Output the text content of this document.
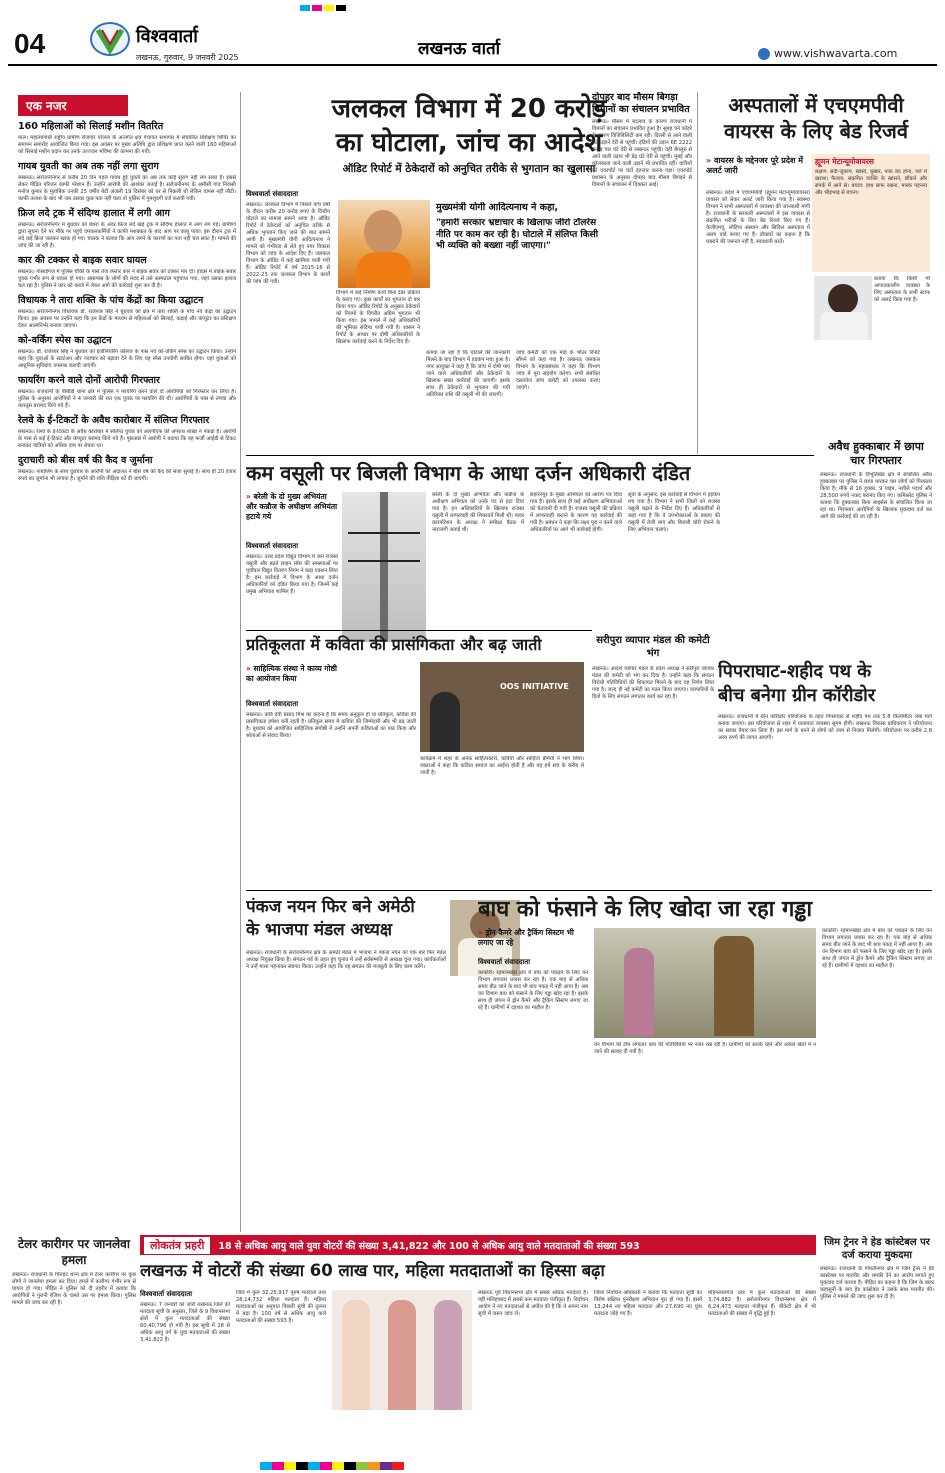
04	विश्ववार्ता
लखनऊ, गुरुवार, 9 जनवरी 2025	लखनऊ वार्ता	www.vishwavarta.com
एक नजर
160 महिलाओं को सिलाई मशीन वितरित
माल। महात्मागांधी राष्ट्रीय ग्रामीण रोजगार योजना के अन्तर्गत क्षेत्र पंचायत सभागार में संचालित प्रशिक्षण शिविर का समापन समारोह आयोजित किया गया। इस अवसर पर मुख्य अतिथि द्वारा प्रशिक्षण प्राप्त करने वाली 160 महिलाओं को सिलाई मशीन प्रदान कर उनके उज्ज्वल भविष्य की कामना की गयी।
गायब युवती का अब तक नहीं लगा सुराग
लखनऊ। सरोजनीनगर से करीब 20 दिन पहले गायब हुई युवती का अब तक कोई सुराग नहीं लग सका है। इससे लेकर पीड़ित परिजन काफी परेशान हैं। उन्होंने आरोपी की आशंका जताई है। सरोजनीनगर के अमौसी गांव निवासी मनोज कुमार के मुताबिक उनकी 25 वर्षीय बेटी अंजली 19 दिसंबर को घर से निकली थी लेकिन वापस नहीं लौटी। काफी तलाश के बाद भी जब उसका कुछ पता नहीं चला तो पुलिस में गुमशुदगी दर्ज करायी गयी।
फ्रिज लदे ट्रक में संदिग्ध हालात में लगी आग
लखनऊ। सरोजनीनगर में बुधवार को बंथरा के अंदर फ्रिज लदे खड़े ट्रक में संदिग्ध हालात में आग लग गई। ग्रामीणों द्वारा सूचना देने पर मौके पर पहुंचे दमकलकर्मियों ने काफी मशक्कत के बाद आग पर काबू पाया। इस दौरान ट्रक में लदे कई फ्रिज जलकर खाक हो गए। चालक ने बताया कि आग लगने के कारणों का पता नहीं चल सका है। मामले की जांच की जा रही है।
कार की टक्कर से बाइक सवार घायल
लखनऊ। गोसाईगंज में पुलिस चौकी के पास तेज रफ्तार कार ने बाइक सवार को टक्कर मार दी। हादसे में बाइक सवार युवक गंभीर रूप से घायल हो गया। आसपास के लोगों की मदद से उसे अस्पताल पहुंचाया गया, जहां उसका इलाज चल रहा है। पुलिस ने कार को कब्जे में लेकर आगे की कार्रवाई शुरू कर दी है।
विधायक ने तारा शक्ति के पांच केंद्रों का किया उद्घाटन
लखनऊ। सरोजनीनगर विधायक डॉ. राजेश्वर सिंह ने बुधवार को क्षेत्र में तारा शक्ति के पांच नये केंद्रों का उद्घाटन किया। इस अवसर पर उन्होंने कहा कि इन केंद्रों के माध्यम से महिलाओं को सिलाई, कढ़ाई और कंप्यूटर का प्रशिक्षण देकर आत्मनिर्भर बनाया जाएगा।
को-वर्किंग स्पेस का उद्घाटन
लखनऊ। डॉ. राजेश्वर सिंह ने बुधवार को इंजीनियरिंग कॉलेज के पास नये को-वर्किंग स्पेस का उद्घाटन किया। उन्होंने कहा कि युवाओं के स्टार्टअप और नवाचार को बढ़ावा देने के लिए यह स्पेस उपयोगी साबित होगा। यहां युवाओं को आधुनिक सुविधाएं उपलब्ध करायी जाएंगी।
फायरिंग करने वाले दोनों आरोपी गिरफ्तार
लखनऊ। राजधानी के बीबीडी थाना क्षेत्र में पुलिस ने फायरिंग करने वाले दो आरोपियों को गिरफ्तार कर लिया है। पुलिस के अनुसार आरोपियों ने 4 जनवरी की रात एक युवक पर फायरिंग की थी। आरोपियों के पास से तमंचा और कारतूस बरामद किये गये हैं।
रेलवे के ई-टिकटों के अवैध कारोबार में संलिप्त गिरफ्तार
लखनऊ। रेलवे के ई-टिकटों के अवैध कारोबार में संलिप्त युवक को आरपीएफ की अपराध शाखा ने पकड़ा है। आरोपी के पास से कई ई-टिकट और कंप्यूटर बरामद किये गये हैं। पूछताछ में आरोपी ने बताया कि वह फर्जी आईडी से टिकट बनाकर यात्रियों को अधिक दाम पर बेचता था।
दुराचारी को बीस वर्ष की कैद व जुर्माना
लखनऊ। नाबालिग के साथ दुराचार के आरोपी को अदालत ने बीस वर्ष की कैद की सजा सुनाई है। साथ ही 20 हजार रुपये का जुर्माना भी लगाया है। जुर्माने की राशि पीड़िता को दी जाएगी।
जलकल विभाग में 20 करोड़
का घोटाला, जांच का आदेश
ऑडिट रिपोर्ट में ठेकेदारों को अनुचित तरीके से भुगतान का खुलासा
विश्ववार्ता संवाददाता
लखनऊ। जलकल विभाग में पिछले पांच वर्षों के दौरान करीब 20 करोड़ रुपए के वित्तीय घोटाले का मामला सामने आया है। ऑडिट रिपोर्ट में ठेकेदारों को अनुचित तरीके से अधिक भुगतान किए जाने की बात सामने आयी है। मुख्यमंत्री योगी आदित्यनाथ ने मामले को गंभीरता से लेते हुए नगर विकास विभाग को जांच के आदेश दिए हैं। जलकल विभाग के ऑडिट में कई खामियां पायी गयी हैं। ऑडिट रिपोर्ट में वर्ष 2015-16 से 2022-23 तक जलकल विभाग के कार्यों की जांच की गयी।
विभाग में कई निर्माण कार्य बिना टेंडर प्रक्रिया के कराए गए। कुछ कार्यों का भुगतान दो बार किया गया। ऑडिट रिपोर्ट के अनुसार ठेकेदारों को नियमों के विपरीत अग्रिम भुगतान भी किया गया। इस मामले में कई अधिकारियों की भूमिका संदिग्ध पायी गयी है। शासन ने रिपोर्ट के आधार पर दोषी अधिकारियों के खिलाफ कार्रवाई करने के निर्देश दिए हैं।
बताया जा रहा है कि घोटाले की जानकारी मिलने के बाद विभाग में हड़कंप मचा हुआ है। नगर आयुक्त ने कहा है कि जांच में दोषी पाए जाने वाले अधिकारियों और ठेकेदारों के खिलाफ सख्त कार्रवाई की जाएगी। इसके साथ ही ठेकेदारों से भुगतान की गयी अतिरिक्त राशि की वसूली भी की जाएगी।
जांच कमेटी को एक माह के भीतर रिपोर्ट सौंपने को कहा गया है। लखनऊ जलकल विभाग के महाप्रबंधक ने कहा कि विभाग जांच में पूरा सहयोग करेगा। सभी संबंधित दस्तावेज जांच कमेटी को उपलब्ध कराए जाएंगे।
मुख्यमंत्री योगी आदित्यनाथ ने कहा,
"हमारी सरकार भ्रष्टाचार के खिलाफ जीरो टॉलरेंस नीति पर काम कर रही है। घोटाले में संलिप्त किसी भी व्यक्ति को बख्शा नहीं जाएगा।"
दोपहर बाद मौसम बिगड़ा विमानों का संचालन प्रभावित
लखनऊ। मौसम में बदलाव के कारण राजधानी में विमानों का संचालन प्रभावित हुआ है। सुबह घने कोहरे के कारण विजिबिलिटी कम रही। दिल्ली से आने वाली कई उड़ानें देरी से पहुंचीं। इंडिगो की उड़ान 6E 2222 करीब चार घंटे देरी से लखनऊ पहुंची। वहीं बेंगलुरु से आने वाली उड़ान भी डेढ़ घंटे देरी से पहुंची। मुंबई और कोलकाता जाने वाली उड़ानें भी प्रभावित रहीं। यात्रियों को एयरपोर्ट पर घंटों इंतजार करना पड़ा। एयरपोर्ट प्रशासन के अनुसार दोपहर बाद मौसम बिगड़ने से विमानों के संचालन में दिक्कत आई।
अस्पतालों में एचएमपीवी
वायरस के लिए बेड रिजर्व
» वायरस के मद्देनजर पूरे प्रदेश में अलर्ट जारी
ह्यूमन मेटान्यूमोवायरस
लक्षण: सर्दी-जुकाम, खांसी, बुखार, नाक बंद होना, गले में खराश। फैलाव: संक्रमित व्यक्ति के खांसने, छींकने और संपर्क में आने से। बचाव: हाथ साफ रखना, मास्क पहनना और भीड़भाड़ से बचना।
लखनऊ। प्रदेश में एचएमपीवी (ह्यूमन मेटान्यूमोवायरस) वायरस को लेकर अलर्ट जारी किया गया है। स्वास्थ्य विभाग ने सभी अस्पतालों में व्यवस्था की जानकारी मांगी है। राजधानी के सरकारी अस्पतालों में इस वायरस से संक्रमित मरीजों के लिए बेड रिजर्व किए गए हैं। केजीएमयू, लोहिया संस्थान और सिविल अस्पताल में अलग वार्ड बनाए गए हैं। डॉक्टरों का कहना है कि घबराने की जरूरत नहीं है, सावधानी बरतें।
बताया कि किसी भी आपातकालीन व्यवस्था के लिए अस्पताल के सभी स्टाफ को अलर्ट किया गया है।
अवैध हुक्काबार में छापा चार गिरफ्तार
लखनऊ। राजधानी के विभूतिखंड क्षेत्र में संचालित अवैध हुक्काबार पर पुलिस ने छापा मारकर चार लोगों को गिरफ्तार किया है। मौके से 16 हुक्का, 9 पाइप, नशीले पदार्थ और 28,500 रुपये नकद बरामद किए गए। कमिश्नरेट पुलिस ने बताया कि हुक्काबार बिना लाइसेंस के संचालित किया जा रहा था। गिरफ्तार आरोपियों के खिलाफ मुकदमा दर्ज कर आगे की कार्रवाई की जा रही है।
कम वसूली पर बिजली विभाग के आधा दर्जन अधिकारी दंडित
» बरेली के दो मुख्य अभियंता और कन्नौज के अधीक्षण अभियंता हटाये गये
विश्ववार्ता संवाददाता
लखनऊ। उत्तर प्रदेश विद्युत विभाग में कम राजस्व वसूली और बढ़ते लाइन लॉस की समस्याओं पर पूर्वांचल विद्युत वितरण निगम ने कड़ा एक्शन लिया है। इस कार्रवाई में विभाग के आधा दर्जन अधिकारियों को दंडित किया गया है। जिनमें कई प्रमुख अभियंता शामिल हैं।
बरेली के दो मुख्य अभियंता और कन्नौज के अधीक्षण अभियंता को उनके पद से हटा दिया गया है। इन अधिकारियों के खिलाफ राजस्व वसूली में लापरवाही की शिकायतें मिली थीं। पावर कारपोरेशन के अध्यक्ष ने समीक्षा बैठक में नाराजगी जताई थी।
सहारनपुर के मुख्य अभियंता को आरोप पत्र दिया गया है। इसके साथ ही कई अधीक्षण अभियंताओं को चेतावनी दी गयी है। राजस्व वसूली की प्रक्रिया में लापरवाही बरतने के कारण यह कार्रवाई की गयी है। प्रबंधन ने कहा कि लक्ष्य पूरा न करने वाले अधिकारियों पर आगे भी कार्रवाई होगी।
सूत्रों के अनुसार, इस कार्रवाई से विभाग में हड़कंप मच गया है। विभाग ने सभी जिलों को राजस्व वसूली बढ़ाने के निर्देश दिए हैं। अधिकारियों से कहा गया है कि वे उपभोक्ताओं के बकाए की वसूली में तेजी लाएं और बिजली चोरी रोकने के लिए अभियान चलाएं।
प्रतिकूलता में कविता की प्रासंगिकता और बढ़ जाती
» साहित्यिक संस्था ने काव्य गोष्ठी का आयोजन किया
विश्ववार्ता संवाददाता
लखनऊ। कवि देवी प्रसाद मिश्र का कहना है कि समय अनुकूल हो या प्रतिकूल, कविता की प्रासंगिकता हमेशा बनी रहती है। प्रतिकूल समय में कविता की जिम्मेदारी और भी बढ़ जाती है। बुधवार को आयोजित साहित्यिक संगोष्ठी में उन्होंने अपनी कविताओं का पाठ किया और श्रोताओं से संवाद किया।
OOS INITIATIVE
कार्यक्रम में शहर के अनेक साहित्यकारों, कवियों और साहित्य प्रेमियों ने भाग लिया। वक्ताओं ने कहा कि कविता समाज का आईना होती है और वह हमें सच के करीब ले जाती है।
सरीपुरा व्यापार मंडल की कमेटी भंग
लखनऊ। आदर्श व्यापार मंडल के प्रदेश अध्यक्ष ने सरीपुरा व्यापार मंडल की कमेटी को भंग कर दिया है। उन्होंने कहा कि संगठन विरोधी गतिविधियों की शिकायत मिलने के बाद यह निर्णय लिया गया है। जल्द ही नई कमेटी का गठन किया जाएगा। व्यापारियों के हितों के लिए संगठन लगातार कार्य कर रहा है।
पिपराघाट-शहीद पथ के
बीच बनेगा ग्रीन कॉरीडोर
लखनऊ। राजधानी में ग्रीन कॉरीडोर परियोजना के तहत पिपराघाट से शहीद पथ तक 5.8 किलोमीटर लंबा मार्ग बनाया जाएगा। इस परियोजना से शहर में यातायात व्यवस्था सुगम होगी। लखनऊ विकास प्राधिकरण ने परियोजना का खाका तैयार कर लिया है। इस मार्ग के बनने से लोगों को जाम से निजात मिलेगी। परियोजना पर करीब 2.8 अरब रुपये की लागत आएगी।
पंकज नयन फिर बने अमेठी
के भाजपा मंडल अध्यक्ष
लखनऊ। राजधानी के सरोजनीनगर क्षेत्र के अमेठी मंडल में भाजपा ने पंकज नयन को एक बार फिर मंडल अध्यक्ष नियुक्त किया है। संगठन पर्व के तहत हुए चुनाव में उन्हें सर्वसम्मति से अध्यक्ष चुना गया। कार्यकर्ताओं ने उन्हें माला पहनाकर स्वागत किया। उन्होंने कहा कि वह संगठन की मजबूती के लिए काम करेंगे।
बाघ को फंसाने के लिए खोदा जा रहा गड्ढा
» ड्रोन कैमरे और ट्रैकिंग सिस्टम भी लगाए जा रहे
विश्ववार्ता संवाददाता
काकोरी। रहमानखेड़ा क्षेत्र में बाघ को पकड़ने के लिए वन विभाग लगातार प्रयास कर रहा है। एक माह से अधिक समय बीत जाने के बाद भी बाघ पकड़ में नहीं आया है। अब वन विभाग बाघ को फंसाने के लिए गड्ढा खोद रहा है। इसके साथ ही जंगल में ड्रोन कैमरे और ट्रैकिंग सिस्टम लगाए जा रहे हैं। ग्रामीणों में दहशत का माहौल है।
वन विभाग की टीम लगातार बाघ की गतिविधियों पर नजर रख रही है। ग्रामीणों को सतर्क रहने और अकेले खेतों में न जाने की सलाह दी गयी है।
काकोरी। रहमानखेड़ा क्षेत्र में बाघ को पकड़ने के लिए वन विभाग लगातार प्रयास कर रहा है। एक माह से अधिक समय बीत जाने के बाद भी बाघ पकड़ में नहीं आया है। अब वन विभाग बाघ को फंसाने के लिए गड्ढा खोद रहा है। इसके साथ ही जंगल में ड्रोन कैमरे और ट्रैकिंग सिस्टम लगाए जा रहे हैं। ग्रामीणों में दहशत का माहौल है।
लोकतंत्र प्रहरी	18 से अधिक आयु वाले युवा वोटरों की संख्या 3,41,822 और 100 से अधिक आयु वाले मतदाताओं की संख्या 593
टेलर कारीगर पर जानलेवा हमला
लखनऊ। राजधानी के चिनहट थाना क्षेत्र में टेलर कारीगर पर कुछ लोगों ने जानलेवा हमला कर दिया। हमले में कारीगर गंभीर रूप से घायल हो गया। पीड़ित ने पुलिस को दी तहरीर में बताया कि आरोपियों ने पुरानी रंजिश के चलते उस पर हमला किया। पुलिस मामले की जांच कर रही है।
लखनऊ में वोटरों की संख्या 60 लाख पार, महिला मतदाताओं का हिस्सा बढ़ा
विश्ववार्ता संवाददाता
लखनऊ। 7 जनवरी को जारी लखनऊ जिले की मतदाता सूची के अनुसार, जिले के 9 विधानसभा क्षेत्रों में कुल मतदाताओं की संख्या 60,40,796 हो गयी है। इस सूची में 18 से अधिक आयु वर्ग के युवा मतदाताओं की संख्या 3,41,822 है।
जिले में कुल 32,25,917 पुरुष मतदाता तथा 28,14,732 महिला मतदाता हैं। महिला मतदाताओं का अनुपात पिछली सूची की तुलना में बढ़ा है। 100 वर्ष से अधिक आयु वाले मतदाताओं की संख्या 593 है।
लखनऊ पूर्व विधानसभा क्षेत्र में सबसे अधिक मतदाता हैं। वहीं मलिहाबाद में सबसे कम मतदाता पंजीकृत हैं। निर्वाचन आयोग ने नए मतदाताओं से अपील की है कि वे अपना नाम सूची में जरूर जांच लें।
जिला निर्वाचन अधिकारी ने बताया कि मतदाता सूची का विशेष संक्षिप्त पुनरीक्षण अभियान पूरा हो गया है। इसमें 13,244 नए महिला मतदाता और 27,690 नए युवा मतदाता जोड़े गए हैं।
मोहनलालगंज क्षेत्र में कुल मतदाताओं की संख्या 3,74,882 है। सरोजनीनगर विधानसभा क्षेत्र में 6,24,473 मतदाता पंजीकृत हैं। बीकेटी क्षेत्र में भी मतदाताओं की संख्या में वृद्धि हुई है।
जिम ट्रेनर ने हेड कांस्टेबल पर दर्ज कराया मुकदमा
लखनऊ। राजधानी के गोमतीनगर क्षेत्र में जिम ट्रेनर ने हेड कांस्टेबल पर मारपीट और धमकी देने का आरोप लगाते हुए मुकदमा दर्ज कराया है। पीड़ित का कहना है कि जिम के बाहर कहासुनी के बाद हेड कांस्टेबल ने उसके साथ मारपीट की। पुलिस ने मामले की जांच शुरू कर दी है।
